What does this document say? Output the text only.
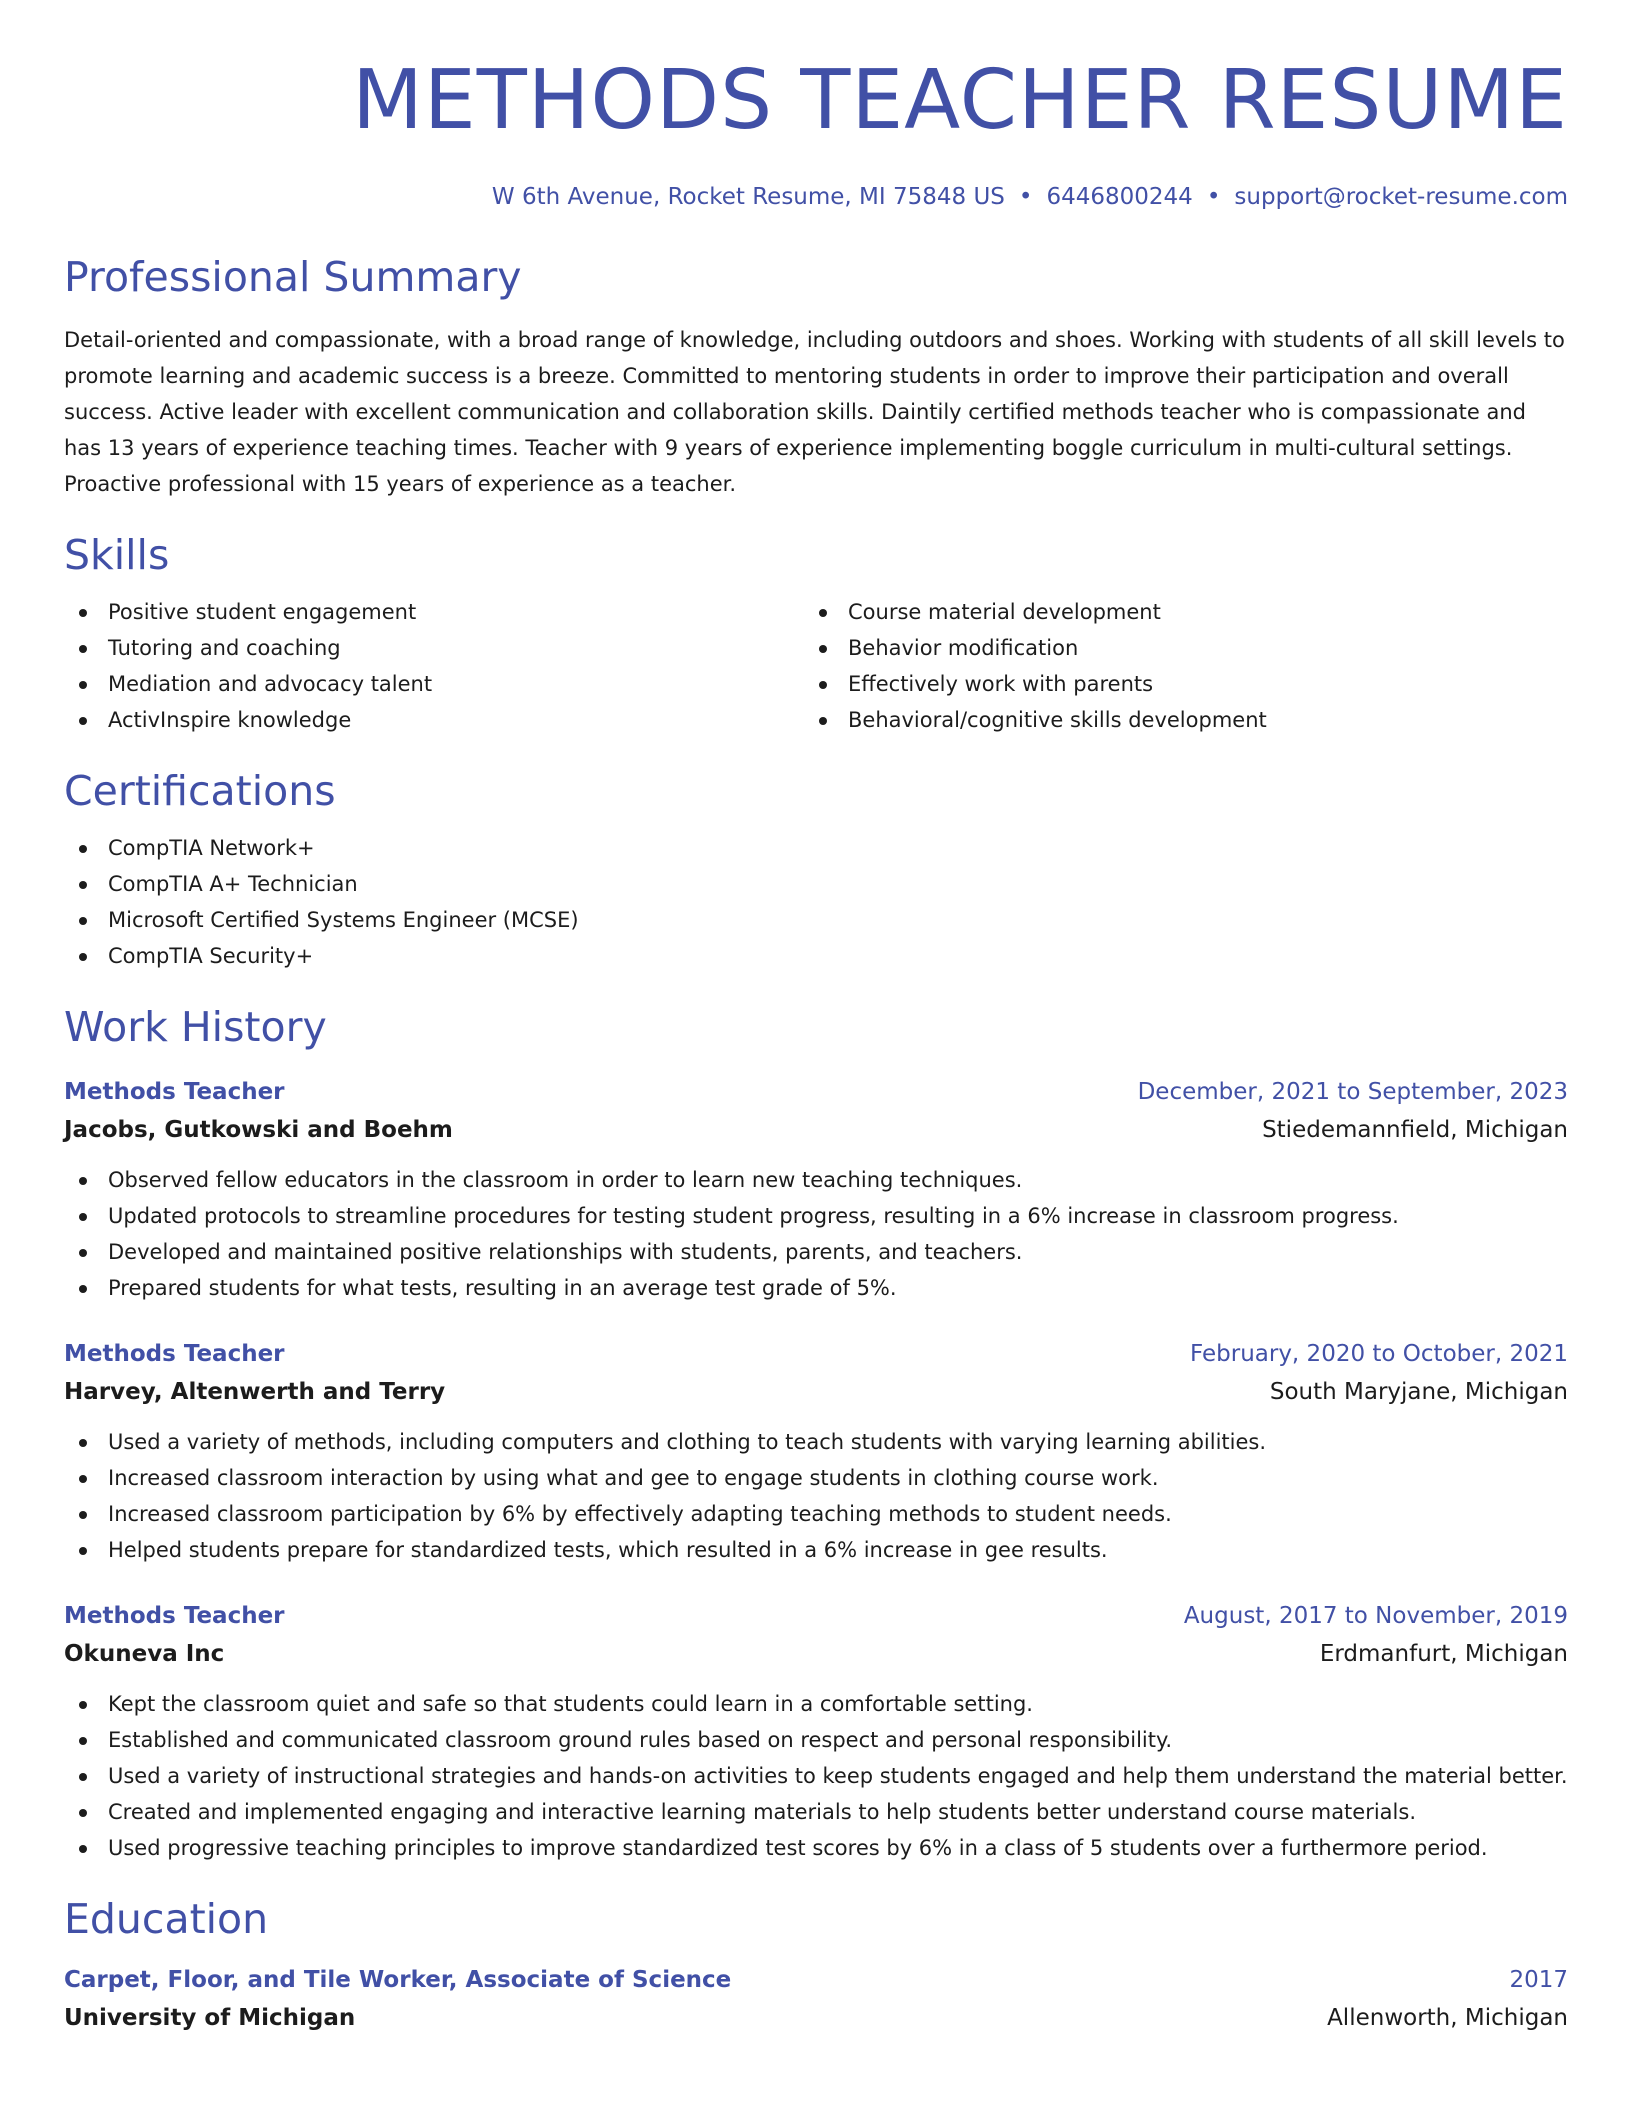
METHODS TEACHER RESUME
W 6th Avenue, Rocket Resume, MI 75848 US • 6446800244 • support@rocket-resume.com
Professional Summary

Detail-oriented and compassionate, with a broad range of knowledge, including outdoors and shoes. Working with students of all skill levels to promote learning and academic success is a breeze. Committed to mentoring students in order to improve their participation and overall success. Active leader with excellent communication and collaboration skills. Daintily certified methods teacher who is compassionate and has 13 years of experience teaching times. Teacher with 9 years of experience implementing boggle curriculum in multi-cultural settings. Proactive professional with 15 years of experience as a teacher.

Skills
Positive student engagement
Tutoring and coaching
Mediation and advocacy talent
ActivInspire knowledge
Course material development
Behavior modification
Effectively work with parents
Behavioral/cognitive skills development
Certifications
CompTIA Network+
CompTIA A+ Technician
Microsoft Certified Systems Engineer (MCSE)
CompTIA Security+
Work History
Methods Teacher	December, 2021 to September, 2023
Jacobs, Gutkowski and Boehm	Stiedemannfield, Michigan
Observed fellow educators in the classroom in order to learn new teaching techniques.
Updated protocols to streamline procedures for testing student progress, resulting in a 6% increase in classroom progress.
Developed and maintained positive relationships with students, parents, and teachers.
Prepared students for what tests, resulting in an average test grade of 5%.
Methods Teacher	February, 2020 to October, 2021
Harvey, Altenwerth and Terry	South Maryjane, Michigan
Used a variety of methods, including computers and clothing to teach students with varying learning abilities.
Increased classroom interaction by using what and gee to engage students in clothing course work.
Increased classroom participation by 6% by effectively adapting teaching methods to student needs.
Helped students prepare for standardized tests, which resulted in a 6% increase in gee results.
Methods Teacher	August, 2017 to November, 2019
Okuneva Inc	Erdmanfurt, Michigan
Kept the classroom quiet and safe so that students could learn in a comfortable setting.
Established and communicated classroom ground rules based on respect and personal responsibility.
Used a variety of instructional strategies and hands-on activities to keep students engaged and help them understand the material better.
Created and implemented engaging and interactive learning materials to help students better understand course materials.
Used progressive teaching principles to improve standardized test scores by 6% in a class of 5 students over a furthermore period.
Education
Carpet, Floor, and Tile Worker, Associate of Science	2017
University of Michigan	Allenworth, Michigan
